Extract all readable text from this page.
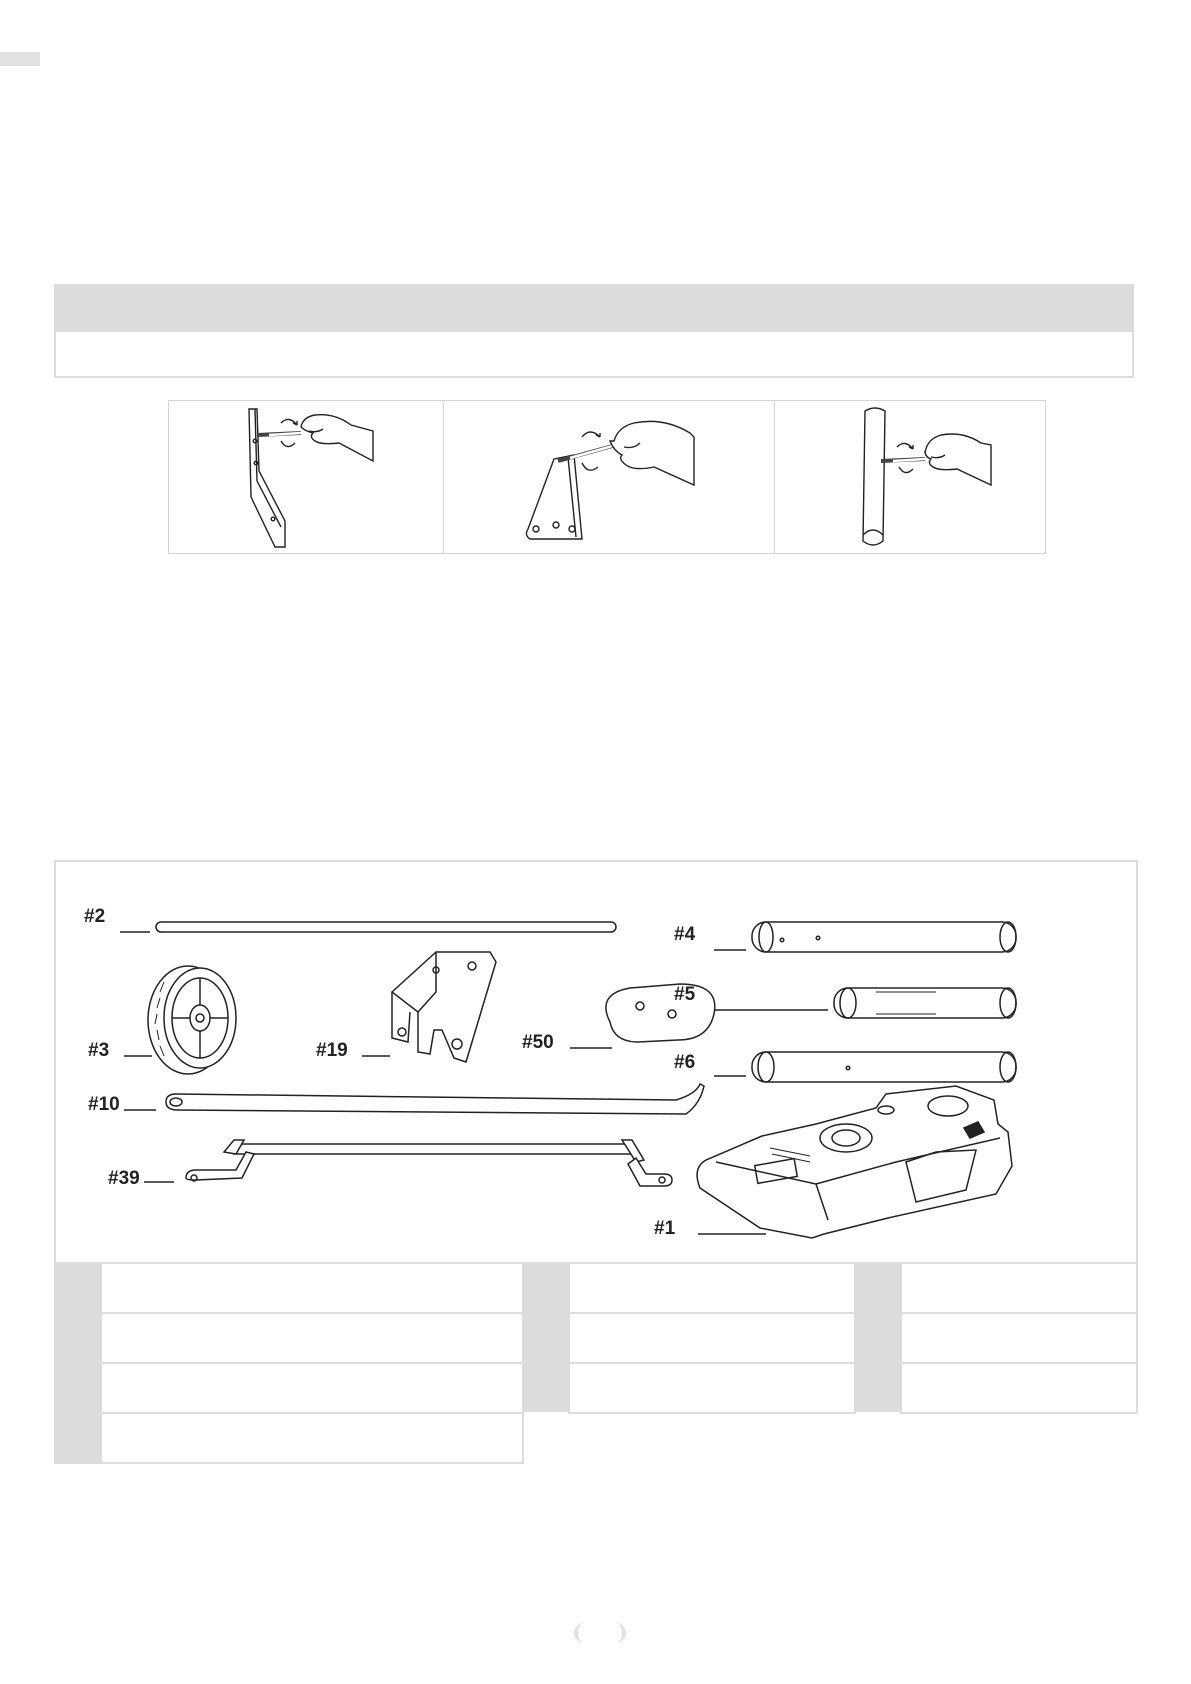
#2
#3	#19	#50
#10
#39
#4
#5
#6
#1
